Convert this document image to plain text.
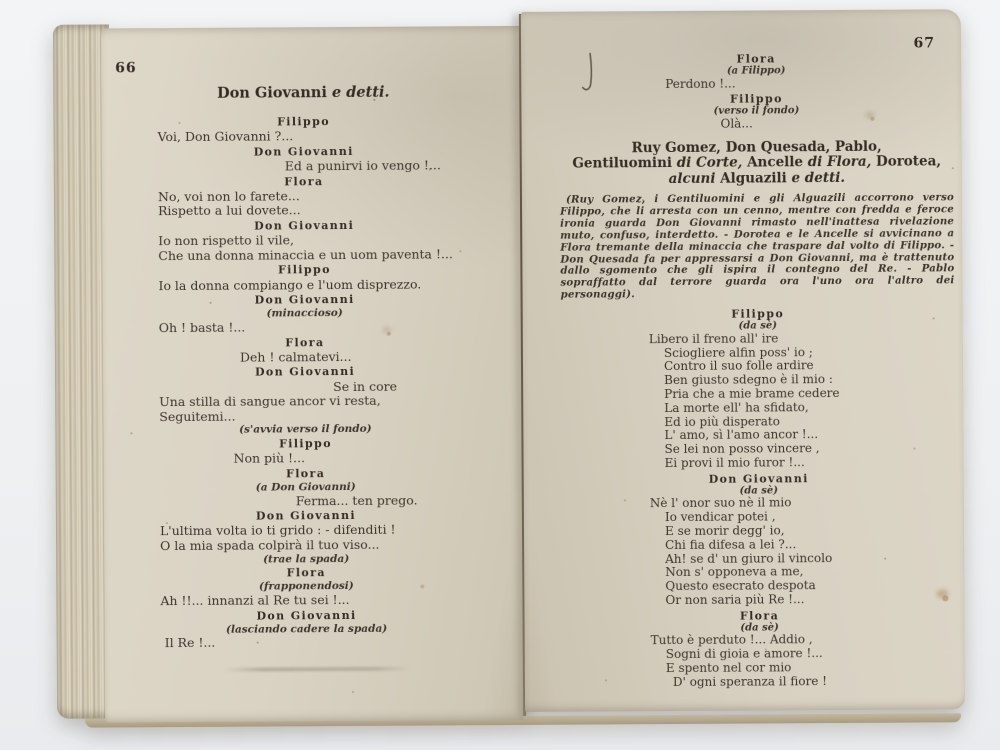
66
Don Giovanni e detti.
Filippo
Voi, Don Giovanni ?...
Don Giovanni
Ed a punirvi io vengo !...
Flora
No, voi non lo farete...
Rispetto a lui dovete...
Don Giovanni
Io non rispetto il vile,
Che una donna minaccia e un uom paventa !...
Filippo
Io la donna compiango e l'uom disprezzo.
Don Giovanni
(minaccioso)
Oh ! basta !...
Flora
Deh ! calmatevi...
Don Giovanni
Se in core
Una stilla di sangue ancor vi resta,
Seguitemi...
(s'avvia verso il fondo)
Filippo
Non più !...
Flora
(a Don Giovanni)
Ferma... ten prego.
Don Giovanni
L'ultima volta io ti grido : - difenditi !
O la mia spada colpirà il tuo viso...
(trae la spada)
Flora
(frapponendosi)
Ah !!... innanzi al Re tu sei !...
Don Giovanni
(lasciando cadere la spada)
Il Re !...
67
Flora
(a Filippo)
Perdono !...
Filippo
(verso il fondo)
Olà...
Ruy Gomez, Don Quesada, Pablo,
Gentiluomini di Corte, Ancelle di Flora, Dorotea,
alcuni Alguazili e detti.
(Ruy Gomez, i Gentiluomini e gli Alguazili accorrono verso Filippo, che li arresta con un cenno, mentre con fredda e feroce ironia guarda Don Giovanni rimasto nell'inattesa rivelazione muto, confuso, interdetto. - Dorotea e le Ancelle si avvicinano a Flora tremante della minaccia che traspare dal volto di Filippo. - Don Quesada fa per appressarsi a Don Giovanni, ma è trattenuto dallo sgomento che gli ispira il contegno del Re. - Pablo sopraffatto dal terrore guarda ora l'uno ora l'altro dei personaggi).
Filippo
(da sè)
Libero il freno all' ire
Sciogliere alfin poss' io ;
Contro il suo folle ardire
Ben giusto sdegno è il mio :
Pria che a mie brame cedere
La morte ell' ha sfidato,
Ed io più disperato
L' amo, sì l'amo ancor !...
Se lei non posso vincere ,
Ei provi il mio furor !...
Don Giovanni
(da sè)
Nè l' onor suo nè il mio
Io vendicar potei ,
E se morir degg' io,
Chi fia difesa a lei ?...
Ah! se d' un giuro il vincolo
Non s' opponeva a me,
Questo esecrato despota
Or non saria più Re !...
Flora
(da sè)
Tutto è perduto !... Addio ,
Sogni di gioia e amore !...
E spento nel cor mio
D' ogni speranza il fiore !
